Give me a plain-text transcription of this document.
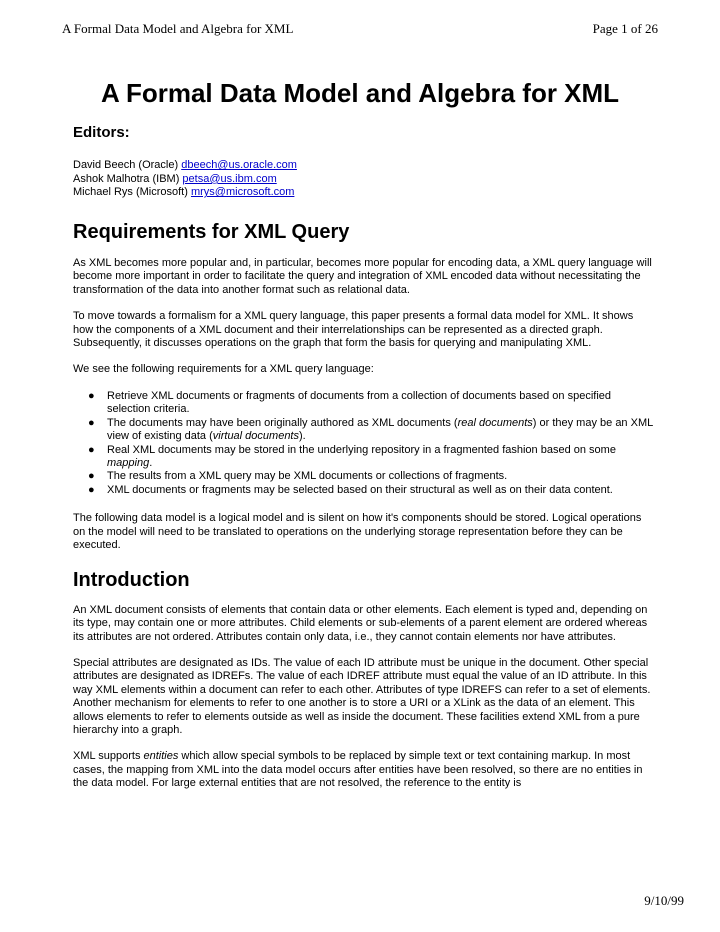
A Formal Data Model and Algebra for XML	Page 1 of 26
A Formal Data Model and Algebra for XML
Editors:
David Beech (Oracle) dbeech@us.oracle.com
Ashok Malhotra (IBM) petsa@us.ibm.com
Michael Rys (Microsoft) mrys@microsoft.com
Requirements for XML Query

As XML becomes more popular and, in particular, becomes more popular for encoding data, a XML query language will become more important in order to facilitate the query and integration of XML encoded data without necessitating the transformation of the data into another format such as relational data.

To move towards a formalism for a XML query language, this paper presents a formal data model for XML. It shows how the components of a XML document and their interrelationships can be represented as a directed graph. Subsequently, it discusses operations on the graph that form the basis for querying and manipulating XML.

We see the following requirements for a XML query language:

● Retrieve XML documents or fragments of documents from a collection of documents based on specified selection criteria.
● The documents may have been originally authored as XML documents (real documents) or they may be an XML view of existing data (virtual documents).
● Real XML documents may be stored in the underlying repository in a fragmented fashion based on some mapping.
● The results from a XML query may be XML documents or collections of fragments.
● XML documents or fragments may be selected based on their structural as well as on their data content.

The following data model is a logical model and is silent on how it's components should be stored. Logical operations on the model will need to be translated to operations on the underlying storage representation before they can be executed.

Introduction

An XML document consists of elements that contain data or other elements. Each element is typed and, depending on its type, may contain one or more attributes. Child elements or sub-elements of a parent element are ordered whereas its attributes are not ordered. Attributes contain only data, i.e., they cannot contain elements nor have attributes.

Special attributes are designated as IDs. The value of each ID attribute must be unique in the document. Other special attributes are designated as IDREFs. The value of each IDREF attribute must equal the value of an ID attribute. In this way XML elements within a document can refer to each other. Attributes of type IDREFS can refer to a set of elements. Another mechanism for elements to refer to one another is to store a URI or a XLink as the data of an element. This allows elements to refer to elements outside as well as inside the document. These facilities extend XML from a pure hierarchy into a graph.

XML supports entities which allow special symbols to be replaced by simple text or text containing markup. In most cases, the mapping from XML into the data model occurs after entities have been resolved, so there are no entities in the data model. For large external entities that are not resolved, the reference to the entity is

9/10/99
